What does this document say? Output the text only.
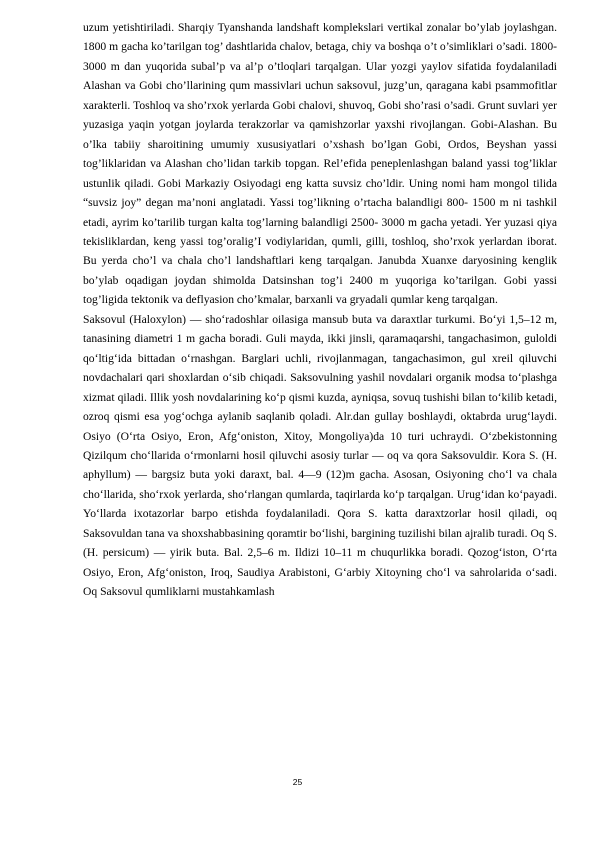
uzum yetishtiriladi. Sharqiy Tyanshanda landshaft komplekslari vertikal zonalar bo’ylab joylashgan. 1800 m gacha ko’tarilgan tog’ dashtlarida chalov, betaga, chiy va boshqa o’t o’simliklari o’sadi. 1800-3000 m dan yuqorida subal’p va al’p o’tloqlari tarqalgan. Ular yozgi yaylov sifatida foydalaniladi Alashan va Gobi cho’llarining qum massivlari uchun saksovul, juzg’un, qaragana kabi psammofitlar xarakterli. Toshloq va sho’rxok yerlarda Gobi chalovi, shuvoq, Gobi sho’rasi o’sadi. Grunt suvlari yer yuzasiga yaqin yotgan joylarda terakzorlar va qamishzorlar yaxshi rivojlangan. Gobi-Alashan. Bu o’lka tabiiy sharoitining umumiy xususiyatlari o’xshash bo’lgan Gobi, Ordos, Beyshan yassi tog’liklaridan va Alashan cho’lidan tarkib topgan. Rel’efida peneplenlashgan baland yassi tog’liklar ustunlik qiladi. Gobi Markaziy Osiyodagi eng katta suvsiz cho’ldir. Uning nomi ham mongol tilida “suvsiz joy” degan ma’noni anglatadi. Yassi tog’likning o’rtacha balandligi 800- 1500 m ni tashkil etadi, ayrim ko’tarilib turgan kalta tog’larning balandligi 2500- 3000 m gacha yetadi. Yer yuzasi qiya tekisliklardan, keng yassi tog’oralig’I vodiylaridan, qumli, gilli, toshloq, sho’rxok yerlardan iborat. Bu yerda cho’l va chala cho’l landshaftlari keng tarqalgan. Janubda Xuanxe daryosining kenglik bo’ylab oqadigan joydan shimolda Datsinshan tog’i 2400 m yuqoriga ko’tarilgan. Gobi yassi tog’ligida tektonik va deflyasion cho’kmalar, barxanli va gryadali qumlar keng tarqalgan.

Saksovul (Haloxylon) — sho‘radoshlar oilasiga mansub buta va daraxtlar turkumi. Bo‘yi 1,5–12 m, tanasining diametri 1 m gacha boradi. Guli mayda, ikki jinsli, qaramaqarshi, tangachasimon, guloldi qo‘ltig‘ida bittadan o‘rnashgan. Barglari uchli, rivojlanmagan, tangachasimon, gul xreil qiluvchi novdachalari qari shoxlardan o‘sib chiqadi. Saksovulning yashil novdalari organik modsa to‘plashga xizmat qiladi. Illik yosh novdalarining ko‘p qismi kuzda, ayniqsa, sovuq tushishi bilan to‘kilib ketadi, ozroq qismi esa yog‘ochga aylanib saqlanib qoladi. Alr.dan gullay boshlaydi, oktabrda urug‘laydi. Osiyo (O‘rta Osiyo, Eron, Afg‘oniston, Xitoy, Mongoliya)da 10 turi uchraydi. O‘zbekistonning Qizilqum cho‘llarida o‘rmonlarni hosil qiluvchi asosiy turlar — oq va qora Saksovuldir. Kora S. (H. aphyllum) — bargsiz buta yoki daraxt, bal. 4—9 (12)m gacha. Asosan, Osiyoning cho‘l va chala cho‘llarida, sho‘rxok yerlarda, sho‘rlangan qumlarda, taqirlarda ko‘p tarqalgan. Urug‘idan ko‘payadi. Yo‘llarda ixotazorlar barpo etishda foydalaniladi. Qora S. katta daraxtzorlar hosil qiladi, oq Saksovuldan tana va shoxshabbasining qoramtir bo‘lishi, bargining tuzilishi bilan ajralib turadi. Oq S. (H. persicum) — yirik buta. Bal. 2,5–6 m. Ildizi 10–11 m chuqurlikka boradi. Qozog‘iston, O‘rta Osiyo, Eron, Afg‘oniston, Iroq, Saudiya Arabistoni, G‘arbiy Xitoyning cho‘l va sahrolarida o‘sadi. Oq Saksovul qumliklarni mustahkamlash

25
